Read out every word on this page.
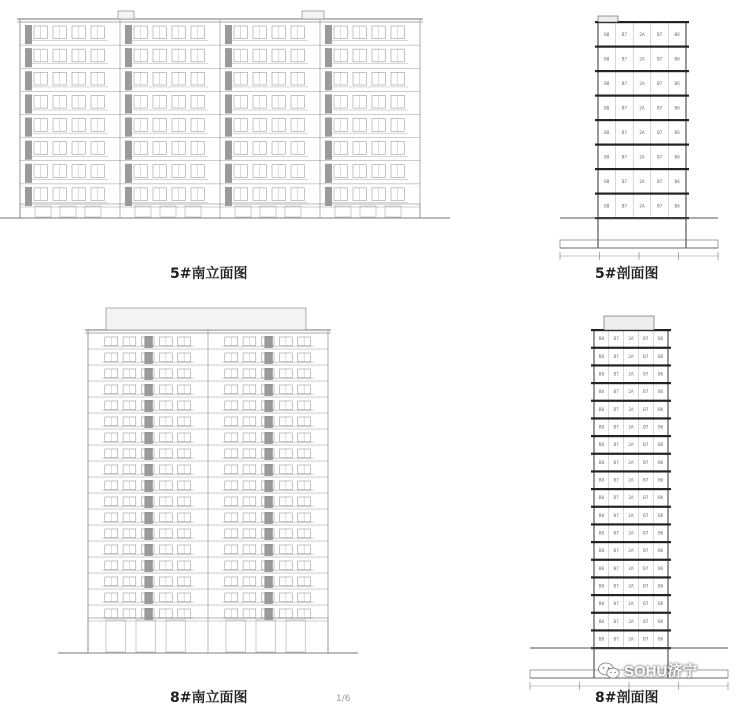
B8	B7	2A	B7	B6
B8	B7	2A	B7	B6
B8	B7	2A	B7	B6
B8	B7	2A	B7	B6
B8	B7	2A	B7	B6
B8	B7	2A	B7	B6
B8	B7	2A	B7	B6
B8	B7	2A	B7	B6
B8 B7 2A B7 B6
B8 B7 2A B7 B6
B8 B7 2A B7 B6
B8 B7 2A B7 B6
B8 B7 2A B7 B6
B8 B7 2A B7 B6
B8 B7 2A B7 B6
B8 B7 2A B7 B6
B8 B7 2A B7 B6
B8 B7 2A B7 B6
B8 B7 2A B7 B6
B8 B7 2A B7 B6
B8 B7 2A B7 B6
B8 B7 2A B7 B6
B8 B7 2A B7 B6
B8 B7 2A B7 B6
B8 B7 2A B7 B6
B8 B7 2A B7 B6
5#南立面图	5#剖面图
8#南立面图	8#剖面图
1/6
SOHU济宁
